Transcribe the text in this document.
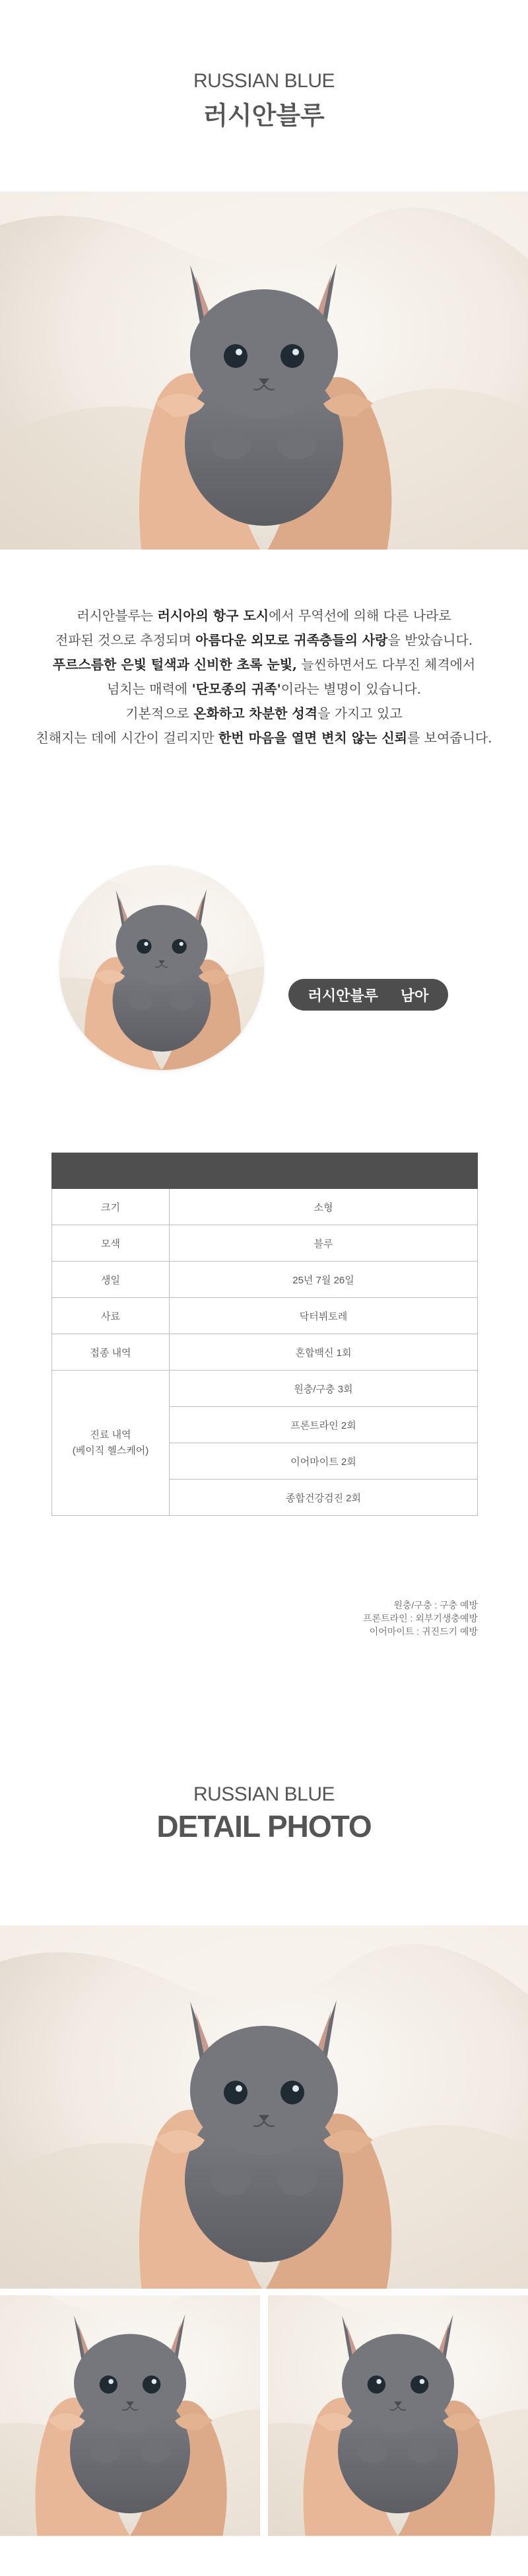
RUSSIAN BLUE
러시안블루
러시안블루는 러시아의 항구 도시에서 무역선에 의해 다른 나라로
전파된 것으로 추정되며 아름다운 외모로 귀족층들의 사랑을 받았습니다.
푸르스름한 은빛 털색과 신비한 초록 눈빛, 늘씬하면서도 다부진 체격에서
넘치는 매력에 '단모종의 귀족'이라는 별명이 있습니다.
기본적으로 온화하고 차분한 성격을 가지고 있고
친해지는 데에 시간이 걸리지만 한번 마음을 열면 변치 않는 신뢰를 보여줍니다.
러시안블루 남아

크기	소형
모색	블루
생일	25년 7월 26일
사료	닥터뷔토레
접종 내역	혼합백신 1회

진료 내역
(베이직 헬스케어)	원충/구충 3회
	프론트라인 2회
	이어마이트 2회
	종합건강검진 2회
원충/구충 : 구충 예방
프론트라인 : 외부기생충예방
이어마이트 : 귀진드기 예방
RUSSIAN BLUE
DETAIL PHOTO
